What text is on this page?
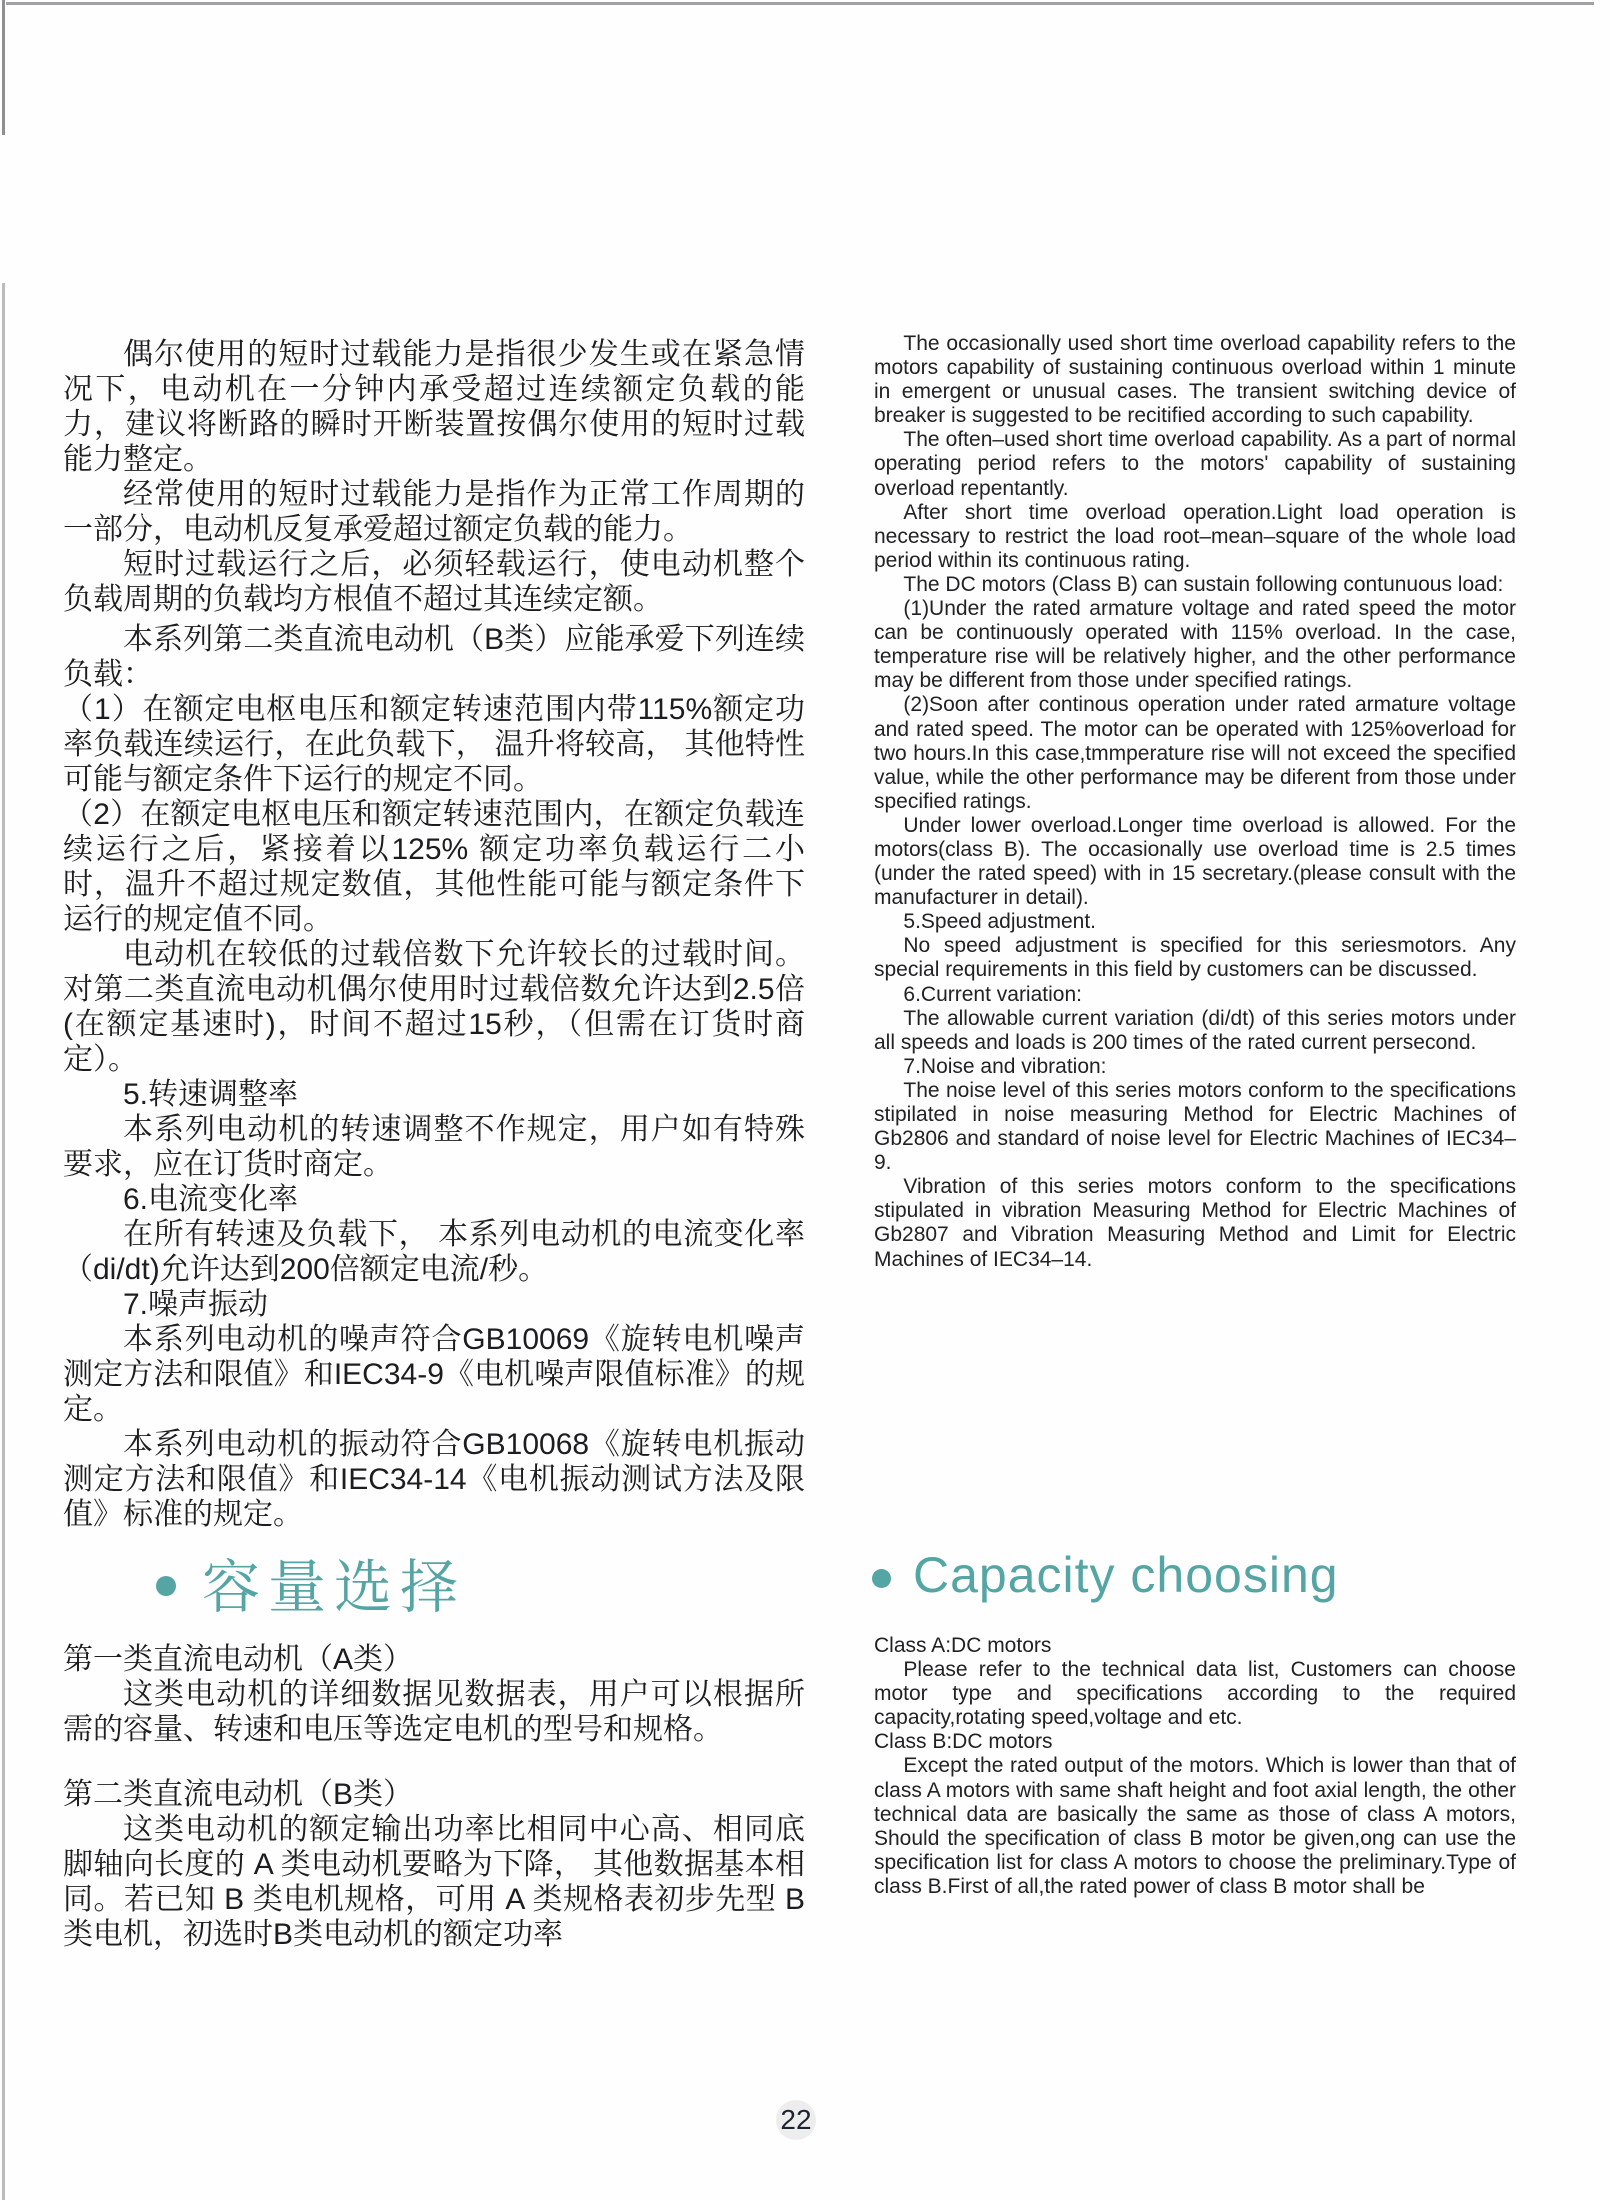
偶尔使用的短时过载能力是指很少发生或在紧急情况下，电动机在一分钟内承受超过连续额定负载的能力，建议将断路的瞬时开断装置按偶尔使用的短时过载能力整定。

经常使用的短时过载能力是指作为正常工作周期的一部分，电动机反复承爱超过额定负载的能力。

短时过载运行之后，必须轻载运行，使电动机整个负载周期的负载均方根值不超过其连续定额。

本系列第二类直流电动机（B类）应能承爱下列连续负载：

（1）在额定电枢电压和额定转速范围内带115%额定功率负载连续运行，在此负载下， 温升将较高， 其他特性可能与额定条件下运行的规定不同。

（2）在额定电枢电压和额定转速范围内，在额定负载连续运行之后，紧接着以125% 额定功率负载运行二小时，温升不超过规定数值，其他性能可能与额定条件下运行的规定值不同。

电动机在较低的过载倍数下允许较长的过载时间。对第二类直流电动机偶尔使用时过载倍数允许达到2.5倍(在额定基速时)，时间不超过15秒，（但需在订货时商定）。

5.转速调整率

本系列电动机的转速调整不作规定，用户如有特殊要求，应在订货时商定。

6.电流变化率

在所有转速及负载下， 本系列电动机的电流变化率（di/dt)允许达到200倍额定电流/秒。

7.噪声振动

本系列电动机的噪声符合GB10069《旋转电机噪声测定方法和限值》和IEC34-9《电机噪声限值标准》的规定。

本系列电动机的振动符合GB10068《旋转电机振动测定方法和限值》和IEC34-14《电机振动测试方法及限值》标准的规定。

容量选择

第一类直流电动机（A类）

这类电动机的详细数据见数据表，用户可以根据所需的容量、转速和电压等选定电机的型号和规格。

第二类直流电动机（B类）

这类电动机的额定输出功率比相同中心高、相同底脚轴向长度的 A 类电动机要略为下降， 其他数据基本相同。若已知 B 类电机规格，可用 A 类规格表初步先型 B类电机，初选时B类电动机的额定功率

The occasionally used short time overload capability refers to the motors capability of sustaining continuous overload within 1 minute in emergent or unusual cases. The transient switching device of breaker is suggested to be recitified according to such capability.

The often–used short time overload capability. As a part of normal operating period refers to the motors' capability of sustaining overload repentantly.

After short time overload operation.Light load operation is necessary to restrict the load root–mean–square of the whole load period within its continuous rating.

The DC motors (Class B) can sustain following contunuous load:

(1)Under the rated armature voltage and rated speed the motor can be continuously operated with 115% overload. In the case, temperature rise will be relatively higher, and the other performance may be different from those under specified ratings.

(2)Soon after continous operation under rated armature voltage and rated speed. The motor can be operated with 125%overload for two hours.In this case,tmmperature rise will not exceed the specified value, while the other performance may be diferent from those under specified ratings.

Under lower overload.Longer time overload is allowed. For the motors(class B). The occasionally use overload time is 2.5 times (under the rated speed) with in 15 secretary.(please consult with the manufacturer in detail).

5.Speed adjustment.

No speed adjustment is specified for this seriesmotors. Any special requirements in this field by customers can be discussed.

6.Current variation:

The allowable current variation (di/dt) of this series motors under all speeds and loads is 200 times of the rated current persecond.

7.Noise and vibration:

The noise level of this series motors conform to the specifications stipilated in noise measuring Method for Electric Machines of Gb2806 and standard of noise level for Electric Machines of IEC34–9.

Vibration of this series motors conform to the specifications stipulated in vibration Measuring Method for Electric Machines of Gb2807 and Vibration Measuring Method and Limit for Electric Machines of IEC34–14.

Capacity choosing

Class A:DC motors

Please refer to the technical data list, Customers can choose motor type and specifications according to the required capacity,rotating speed,voltage and etc.

Class B:DC motors

Except the rated output of the motors. Which is lower than that of class A motors with same shaft height and foot axial length, the other technical data are basically the same as those of class A motors, Should the specification of class B motor be given,ong can use the specification list for class A motors to choose the preliminary.Type of class B.First of all,the rated power of class B motor shall be

22
